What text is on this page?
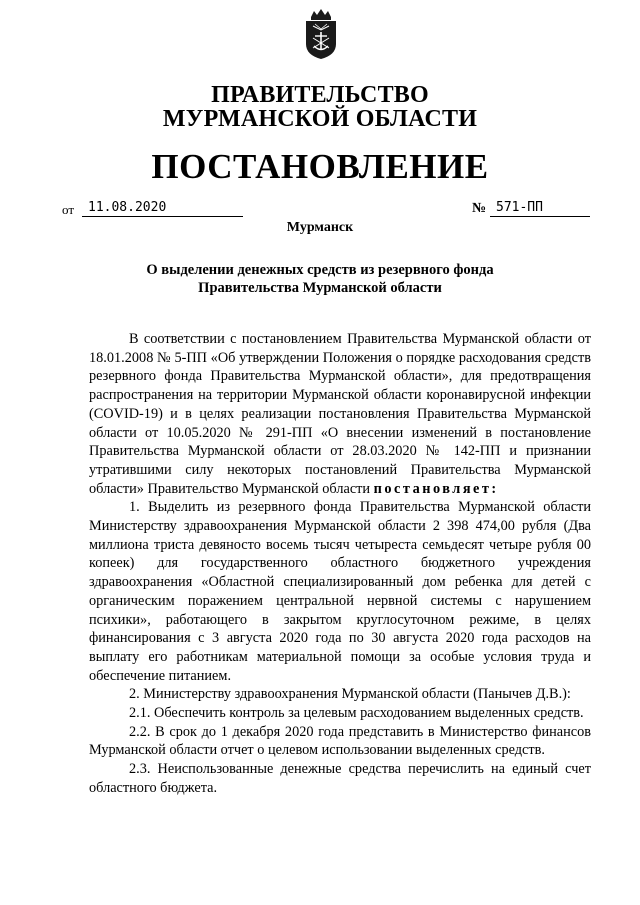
ПРАВИТЕЛЬСТВО
МУРМАНСКОЙ ОБЛАСТИ
ПОСТАНОВЛЕНИЕ
от	11.08.2020	№ 571-ПП
Мурманск
О выделении денежных средств из резервного фонда
Правительства Мурманской области

В соответствии с постановлением Правительства Мурманской области от 18.01.2008 № 5-ПП «Об утверждении Положения о порядке расходования средств резервного фонда Правительства Мурманской области», для предотвращения распространения на территории Мурманской области коронавирусной инфекции (COVID-19) и в целях реализации постановления Правительства Мурманской области от 10.05.2020 № 291-ПП «О внесении изменений в постановление Правительства Мурманской области от 28.03.2020 № 142-ПП и признании утратившими силу некоторых постановлений Правительства Мурманской области» Правительство Мурманской области постановляет:

1. Выделить из резервного фонда Правительства Мурманской области Министерству здравоохранения Мурманской области 2 398 474,00 рубля (Два миллиона триста девяносто восемь тысяч четыреста семьдесят четыре рубля 00 копеек) для государственного областного бюджетного учреждения здравоохранения «Областной специализированный дом ребенка для детей с органическим поражением центральной нервной системы с нарушением психики», работающего в закрытом круглосуточном режиме, в целях финансирования с 3 августа 2020 года по 30 августа 2020 года расходов на выплату его работникам материальной помощи за особые условия труда и обеспечение питанием.

2. Министерству здравоохранения Мурманской области (Панычев Д.В.):

2.1. Обеспечить контроль за целевым расходованием выделенных средств.

2.2. В срок до 1 декабря 2020 года представить в Министерство финансов Мурманской области отчет о целевом использовании выделенных средств.

2.3. Неиспользованные денежные средства перечислить на единый счет областного бюджета.
